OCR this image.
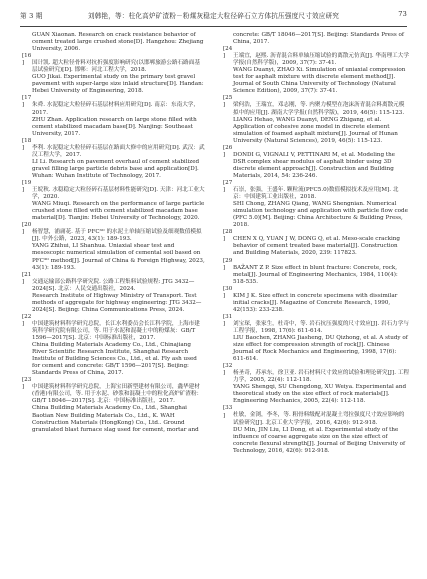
第 3 期	刘韩艳，等：柱化高炉矿渣粉－粉煤灰稳定大粒径碎石立方体抗压强度尺寸效应研究	73

GUAN Xiaonan. Research on crack resistance behavior of cement treated large crushed stone[D]. Hangzhou: Zhejiang University, 2006.

[16] 国计凯. 超大粒径骨料对抗折强度影响研究(以邯郸旅游公路石路面基层试验研究)[D]. 邯郸：河北工程大学，2018.

GUO Jikai. Experimental study on the primary test gravel pavement with super-large size inlaid structure[D]. Handan: Hebei University of Engineering, 2018.

[17] 朱舜. 水泥稳定大粒径碎石基层材料应用研究[D]. 南京：东南大学，2017.

ZHU Zhan. Application research on large stone filled with cement stabilized macadam base[D]. Nanjing: Southeast University, 2017.

[18] 李利. 水泥稳定大粒径碎石基层在路面大修中的应用研究[D]. 武汉：武汉工程大学，2017.

LI Li. Research on pavement overhaul of cement stabilized gravel filling large particle debris base and application[D]. Wuhan: Wuhan Institute of Technology, 2017.

[19] 王皖秋. 水稳稳定大粒径碎石基层材料性能研究[D]. 天津：河北工业大学，2020.

WANG Miuqi. Research on the performance of large particle crushed stone filled with cement stabilized macadam base material[D]. Tianjin: Hebei University of Technology, 2020.

[20] 杨智慧，浦庸花. 基于 PFC³ᴰ 的水泥土单轴压缩试验及细观数值模拟[J]. 中外公路，2023, 43(1): 189-193.

YANG Zhihui, LI Shanhua. Uniaxial shear test and mesoscopic numerical simulation of cemental soil based on PFC³ᴰ method[J]. Journal of China & Foreign Highway, 2023, 43(1): 189-193.

[21] 交通运输部公路科学研究院. 公路工程集料试验规程: JTG 3432—2024[S]. 北京：人民交通出版社，2024.

Research Institute of Highway Ministry of Transport. Test methods of aggregate for highway engineering: JTG 3432—2024[S]. Beijing: China Communications Press, 2024.

[22] 中国建筑材料科学研究总院，长江水利委员会长江科学院，上海市建筑科学研究院有限公司，等. 用于水泥和混凝土中的粉煤灰：GB/T 1596—2017[S]. 北京：中国标准出版社，2017.

China Building Materials Academy Co., Ltd., Chinajiang River Scientific Research Institute, Shanghai Research Institute of Building Sciences Co., Ltd., et al. Fly ash used for cement and concrete: GB/T 1596—2017[S]. Beijing: Standards Press of China, 2017.

[23] 中国建筑材料科学研究总院，上海宝田新型建材有限公司，鑫华建材(香港)有限公司，等. 用于水泥、砂浆和混凝土中的粒化高炉矿渣粉：GB/T 18046—2017[S]. 北京：中国标准出版社，2017.

China Building Materials Academy Co., Ltd., Shanghai Baotian New Building Materials Co., Ltd., K. WAH Construction Materials (HongKong) Co., Ltd.. Ground granulated blast furnace slag used for cement, mortar and

concrete: GB/T 18046—2017[S]. Beijing: Standards Press of China, 2017.

[24] 王端宜，赵熙. 沥青混合料单轴压缩试验的离散元仿真[J]. 华南理工大学学报(自然科学版)，2009, 37(7): 37-41.

WANG Duanyi, ZHAO Xi. Simulation of uniaxial compression test for asphalt mixture with discrete element method[J]. Journal of South China University of Technology (Natural Science Edition), 2009, 37(7): 37-41.

[25] 梁何浩，王瑞宜，邓志刚，等. 内聚力模型在泡沫沥青混合料离散元模拟中的应用[J]. 湖南大学学报(自然科学版)，2019, 46(5): 115-123.

LIANG Hehao, WANG Duanyi, DENG Zhigang, et al. Application of cohesive zone model in discrete element simulation of foamed asphalt mixture[J]. Journal of Hunan University (Natural Sciences), 2019, 46(5): 115-123.

[26] DONDI G, VIGNALI V, PETTINARI M, et al. Modeling the DSR complex shear modulus of asphalt binder using 3D discrete element approach[J]. Construction and Building Materials, 2014, 54: 236-246.

[27] 石崇，张强，王盛年. 颗粒流(PFC5.0)数值模拟技术及应用[M]. 北京：中国建筑工业出版社，2018.

SHI Chong, ZHANG Qiang, WANG Shengnian. Numerical simulation technology and application with particle flow code (PFC 5.0)[M]. Beijing: China Architecture & Building Press, 2018.

[28] CHEN X Q, YUAN J W, DONG Q, et al. Meso-scale cracking behavior of cement treated base material[J]. Construction and Building Materials, 2020, 239: 117823.

[29] BAŽANT Z P. Size effect in blunt fracture: Concrete, rock, metal[J]. Journal of Engineering Mechanics, 1984, 110(4): 518-535.

[30] KIM J K. Size effect in concrete specimens with dissimilar initial cracks[J]. Magazine of Concrete Research, 1990, 42(153): 233-238.

[31] 刘宝琛，张家生，杜奇中，等. 岩石抗压强度的尺寸效应[J]. 岩石力学与工程学报，1998, 17(6): 611-614.

LIU Baochen, ZHANG Jiasheng, DU Qizhong, et al. A study of size effect for compression strength of rock[J]. Chinese Journal of Rock Mechanics and Engineering, 1998, 17(6): 611-614.

[32] 杨圣奇，苏承东，徐卫亚. 岩石材料尺寸效应的试验和理论研究[J]. 工程力学，2005, 22(4): 112-118.

YANG Shengqi, SU Chengdong, XU Weiya. Experimental and theoretical study on the size effect of rock materials[J]. Engineering Mechanics, 2005, 22(4): 112-118.

[33] 杜敏，金浏，李冬，等. 粗骨料级配对混凝土弯拉强度尺寸效应影响的试验研究[J]. 北京工业大学学报，2016, 42(6): 912-918.

DU Min, JIN Liu, LI Dong, et al. Experimental study of the influence of coarse aggregate size on the size effect of concrete flexural strength[J]. Journal of Beijing University of Technology, 2016, 42(6): 912-918.
